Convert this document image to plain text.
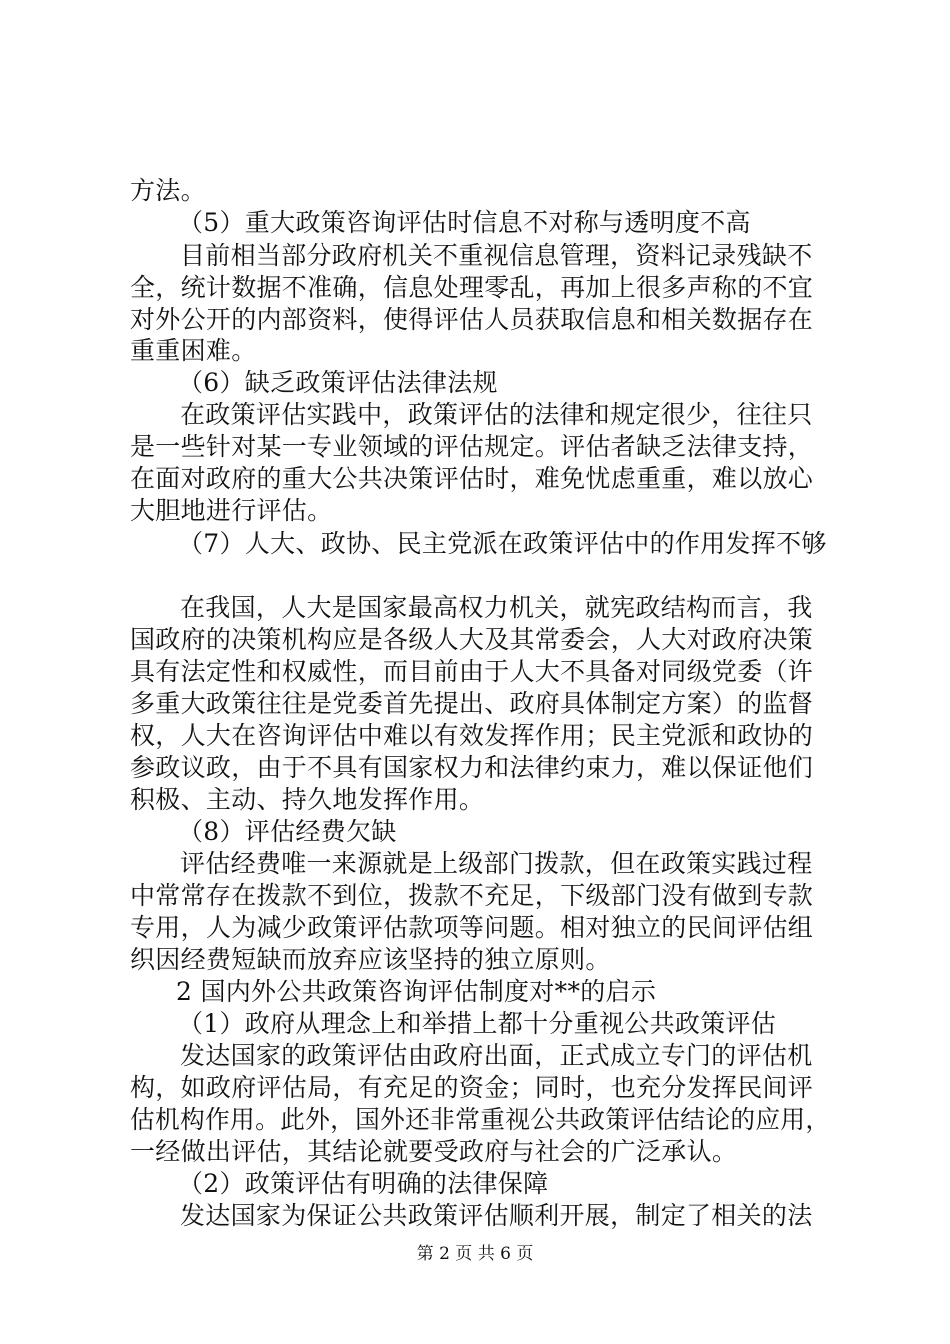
方法。
（5）重大政策咨询评估时信息不对称与透明度不高
目前相当部分政府机关不重视信息管理，资料记录残缺不
全，统计数据不准确，信息处理零乱，再加上很多声称的不宜
对外公开的内部资料，使得评估人员获取信息和相关数据存在
重重困难。
（6）缺乏政策评估法律法规
在政策评估实践中，政策评估的法律和规定很少，往往只
是一些针对某一专业领域的评估规定。评估者缺乏法律支持，
在面对政府的重大公共决策评估时，难免忧虑重重，难以放心
大胆地进行评估。
（7）人大、政协、民主党派在政策评估中的作用发挥不够
在我国，人大是国家最高权力机关，就宪政结构而言，我
国政府的决策机构应是各级人大及其常委会，人大对政府决策
具有法定性和权威性，而目前由于人大不具备对同级党委（许
多重大政策往往是党委首先提出、政府具体制定方案）的监督
权，人大在咨询评估中难以有效发挥作用；民主党派和政协的
参政议政，由于不具有国家权力和法律约束力，难以保证他们
积极、主动、持久地发挥作用。
（8）评估经费欠缺
评估经费唯一来源就是上级部门拨款，但在政策实践过程
中常常存在拨款不到位，拨款不充足，下级部门没有做到专款
专用，人为减少政策评估款项等问题。相对独立的民间评估组
织因经费短缺而放弃应该坚持的独立原则。
2 国内外公共政策咨询评估制度对**的启示
（1）政府从理念上和举措上都十分重视公共政策评估
发达国家的政策评估由政府出面，正式成立专门的评估机
构，如政府评估局，有充足的资金；同时，也充分发挥民间评
估机构作用。此外，国外还非常重视公共政策评估结论的应用，
一经做出评估，其结论就要受政府与社会的广泛承认。
（2）政策评估有明确的法律保障
发达国家为保证公共政策评估顺利开展，制定了相关的法
第 2 页 共 6 页
